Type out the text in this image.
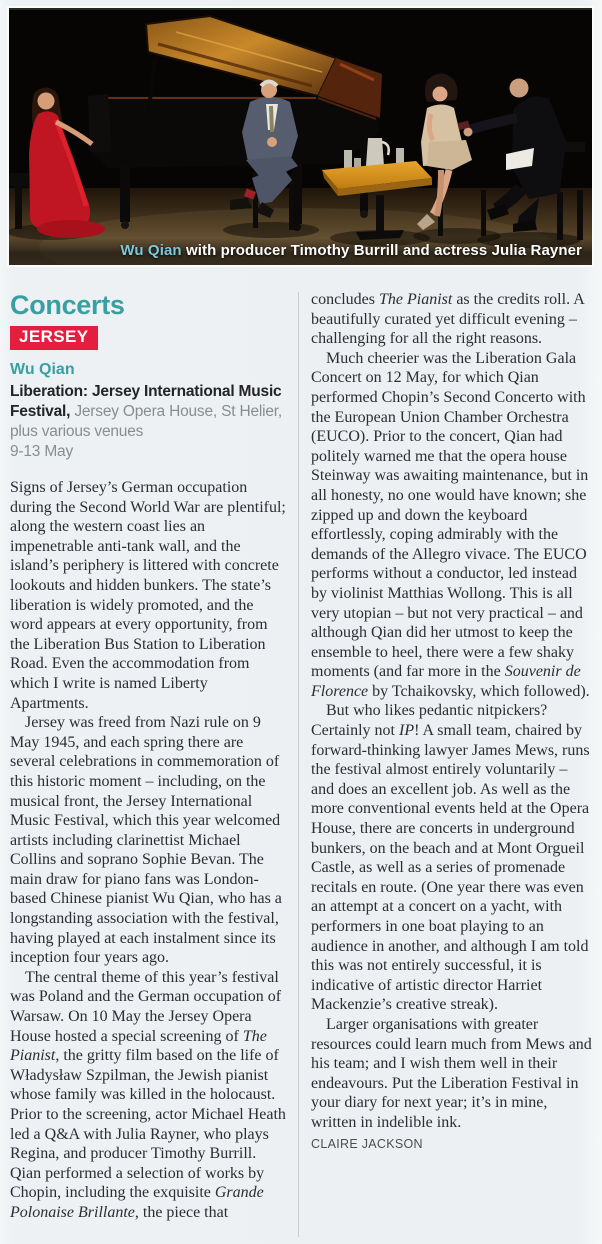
Wu Qian with producer Timothy Burrill and actress Julia Rayner
Concerts
JERSEY
Wu Qian

Liberation: Jersey International Music Festival, Jersey Opera House, St Helier, plus various venues

9-13 May

Signs of Jersey’s German occupation during the Second World War are plentiful; along the western coast lies an impenetrable anti-tank wall, and the island’s periphery is littered with concrete lookouts and hidden bunkers. The state’s liberation is widely promoted, and the word appears at every opportunity, from the Liberation Bus Station to Liberation Road. Even the accommodation from which I write is named Liberty Apartments.

Jersey was freed from Nazi rule on 9 May 1945, and each spring there are several celebrations in commemoration of this historic moment – including, on the musical front, the Jersey International Music Festival, which this year welcomed artists including clarinettist Michael Collins and soprano Sophie Bevan. The main draw for piano fans was London-based Chinese pianist Wu Qian, who has a longstanding association with the festival, having played at each instalment since its inception four years ago.

The central theme of this year’s festival was Poland and the German occupation of Warsaw. On 10 May the Jersey Opera House hosted a special screening of The Pianist, the gritty film based on the life of Władysław Szpilman, the Jewish pianist whose family was killed in the holocaust. Prior to the screening, actor Michael Heath led a Q&A with Julia Rayner, who plays Regina, and producer Timothy Burrill. Qian performed a selection of works by Chopin, including the exquisite Grande Polonaise Brillante, the piece that

concludes The Pianist as the credits roll. A beautifully curated yet difficult evening – challenging for all the right reasons.

Much cheerier was the Liberation Gala Concert on 12 May, for which Qian performed Chopin’s Second Concerto with the European Union Chamber Orchestra (EUCO). Prior to the concert, Qian had politely warned me that the opera house Steinway was awaiting maintenance, but in all honesty, no one would have known; she zipped up and down the keyboard effortlessly, coping admirably with the demands of the Allegro vivace. The EUCO performs without a conductor, led instead by violinist Matthias Wollong. This is all very utopian – but not very practical – and although Qian did her utmost to keep the ensemble to heel, there were a few shaky moments (and far more in the Souvenir de Florence by Tchaikovsky, which followed).

But who likes pedantic nitpickers? Certainly not IP! A small team, chaired by forward-thinking lawyer James Mews, runs the festival almost entirely voluntarily – and does an excellent job. As well as the more conventional events held at the Opera House, there are concerts in underground bunkers, on the beach and at Mont Orgueil Castle, as well as a series of promenade recitals en route. (One year there was even an attempt at a concert on a yacht, with performers in one boat playing to an audience in another, and although I am told this was not entirely successful, it is indicative of artistic director Harriet Mackenzie’s creative streak).

Larger organisations with greater resources could learn much from Mews and his team; and I wish them well in their endeavours. Put the Liberation Festival in your diary for next year; it’s in mine, written in indelible ink.

CLAIRE JACKSON
